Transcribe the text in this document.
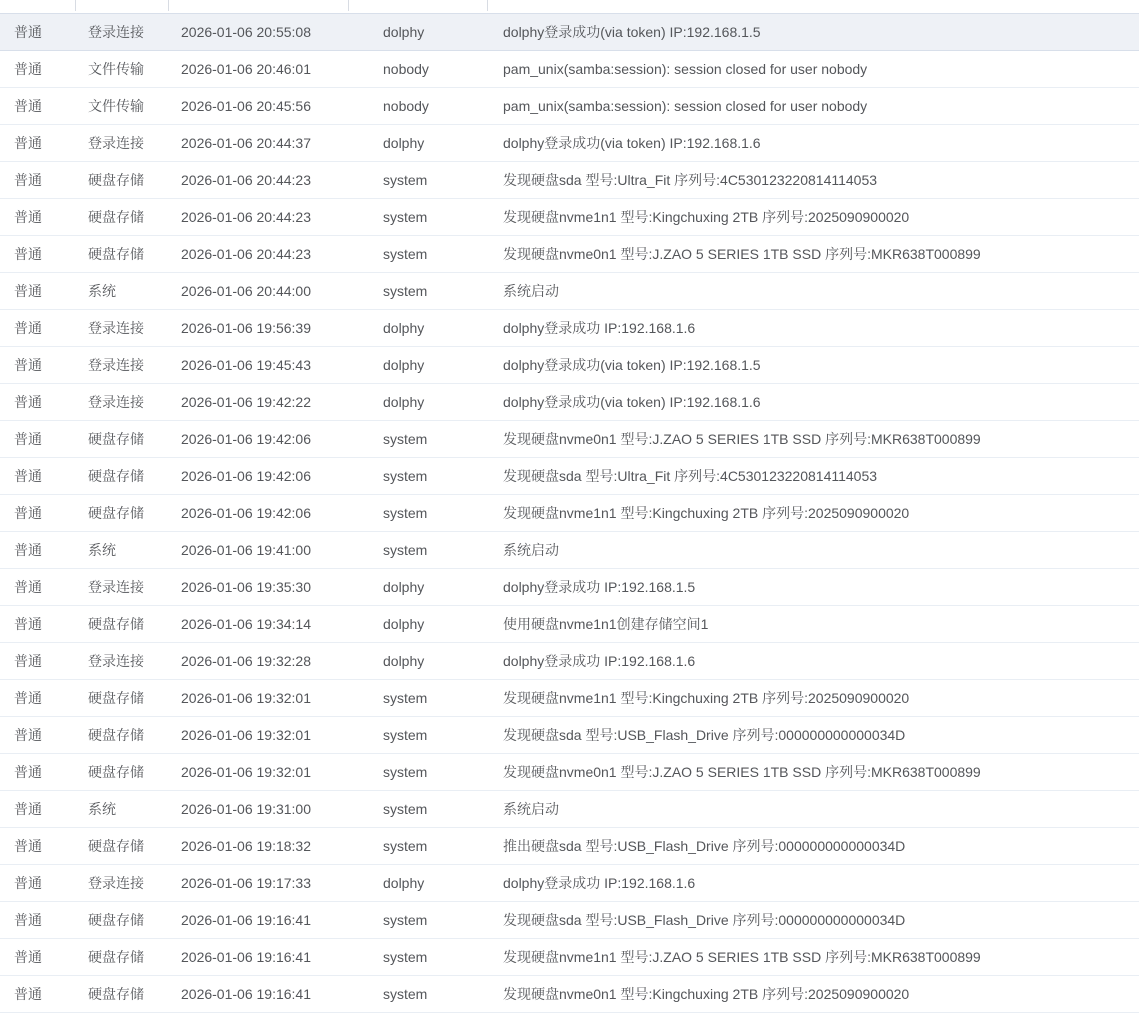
普通	登录连接	2026-01-06 20:55:08	dolphy	dolphy登录成功(via token) IP:192.168.1.5
普通	文件传输	2026-01-06 20:46:01	nobody	pam_unix(samba:session): session closed for user nobody
普通	文件传输	2026-01-06 20:45:56	nobody	pam_unix(samba:session): session closed for user nobody
普通	登录连接	2026-01-06 20:44:37	dolphy	dolphy登录成功(via token) IP:192.168.1.6
普通	硬盘存储	2026-01-06 20:44:23	system	发现硬盘sda 型号:Ultra_Fit 序列号:4C530123220814114053
普通	硬盘存储	2026-01-06 20:44:23	system	发现硬盘nvme1n1 型号:Kingchuxing 2TB 序列号:2025090900020
普通	硬盘存储	2026-01-06 20:44:23	system	发现硬盘nvme0n1 型号:J.ZAO 5 SERIES 1TB SSD 序列号:MKR638T000899
普通	系统	2026-01-06 20:44:00	system	系统启动
普通	登录连接	2026-01-06 19:56:39	dolphy	dolphy登录成功 IP:192.168.1.6
普通	登录连接	2026-01-06 19:45:43	dolphy	dolphy登录成功(via token) IP:192.168.1.5
普通	登录连接	2026-01-06 19:42:22	dolphy	dolphy登录成功(via token) IP:192.168.1.6
普通	硬盘存储	2026-01-06 19:42:06	system	发现硬盘nvme0n1 型号:J.ZAO 5 SERIES 1TB SSD 序列号:MKR638T000899
普通	硬盘存储	2026-01-06 19:42:06	system	发现硬盘sda 型号:Ultra_Fit 序列号:4C530123220814114053
普通	硬盘存储	2026-01-06 19:42:06	system	发现硬盘nvme1n1 型号:Kingchuxing 2TB 序列号:2025090900020
普通	系统	2026-01-06 19:41:00	system	系统启动
普通	登录连接	2026-01-06 19:35:30	dolphy	dolphy登录成功 IP:192.168.1.5
普通	硬盘存储	2026-01-06 19:34:14	dolphy	使用硬盘nvme1n1创建存储空间1
普通	登录连接	2026-01-06 19:32:28	dolphy	dolphy登录成功 IP:192.168.1.6
普通	硬盘存储	2026-01-06 19:32:01	system	发现硬盘nvme1n1 型号:Kingchuxing 2TB 序列号:2025090900020
普通	硬盘存储	2026-01-06 19:32:01	system	发现硬盘sda 型号:USB_Flash_Drive 序列号:000000000000034D
普通	硬盘存储	2026-01-06 19:32:01	system	发现硬盘nvme0n1 型号:J.ZAO 5 SERIES 1TB SSD 序列号:MKR638T000899
普通	系统	2026-01-06 19:31:00	system	系统启动
普通	硬盘存储	2026-01-06 19:18:32	system	推出硬盘sda 型号:USB_Flash_Drive 序列号:000000000000034D
普通	登录连接	2026-01-06 19:17:33	dolphy	dolphy登录成功 IP:192.168.1.6
普通	硬盘存储	2026-01-06 19:16:41	system	发现硬盘sda 型号:USB_Flash_Drive 序列号:000000000000034D
普通	硬盘存储	2026-01-06 19:16:41	system	发现硬盘nvme1n1 型号:J.ZAO 5 SERIES 1TB SSD 序列号:MKR638T000899
普通	硬盘存储	2026-01-06 19:16:41	system	发现硬盘nvme0n1 型号:Kingchuxing 2TB 序列号:2025090900020
